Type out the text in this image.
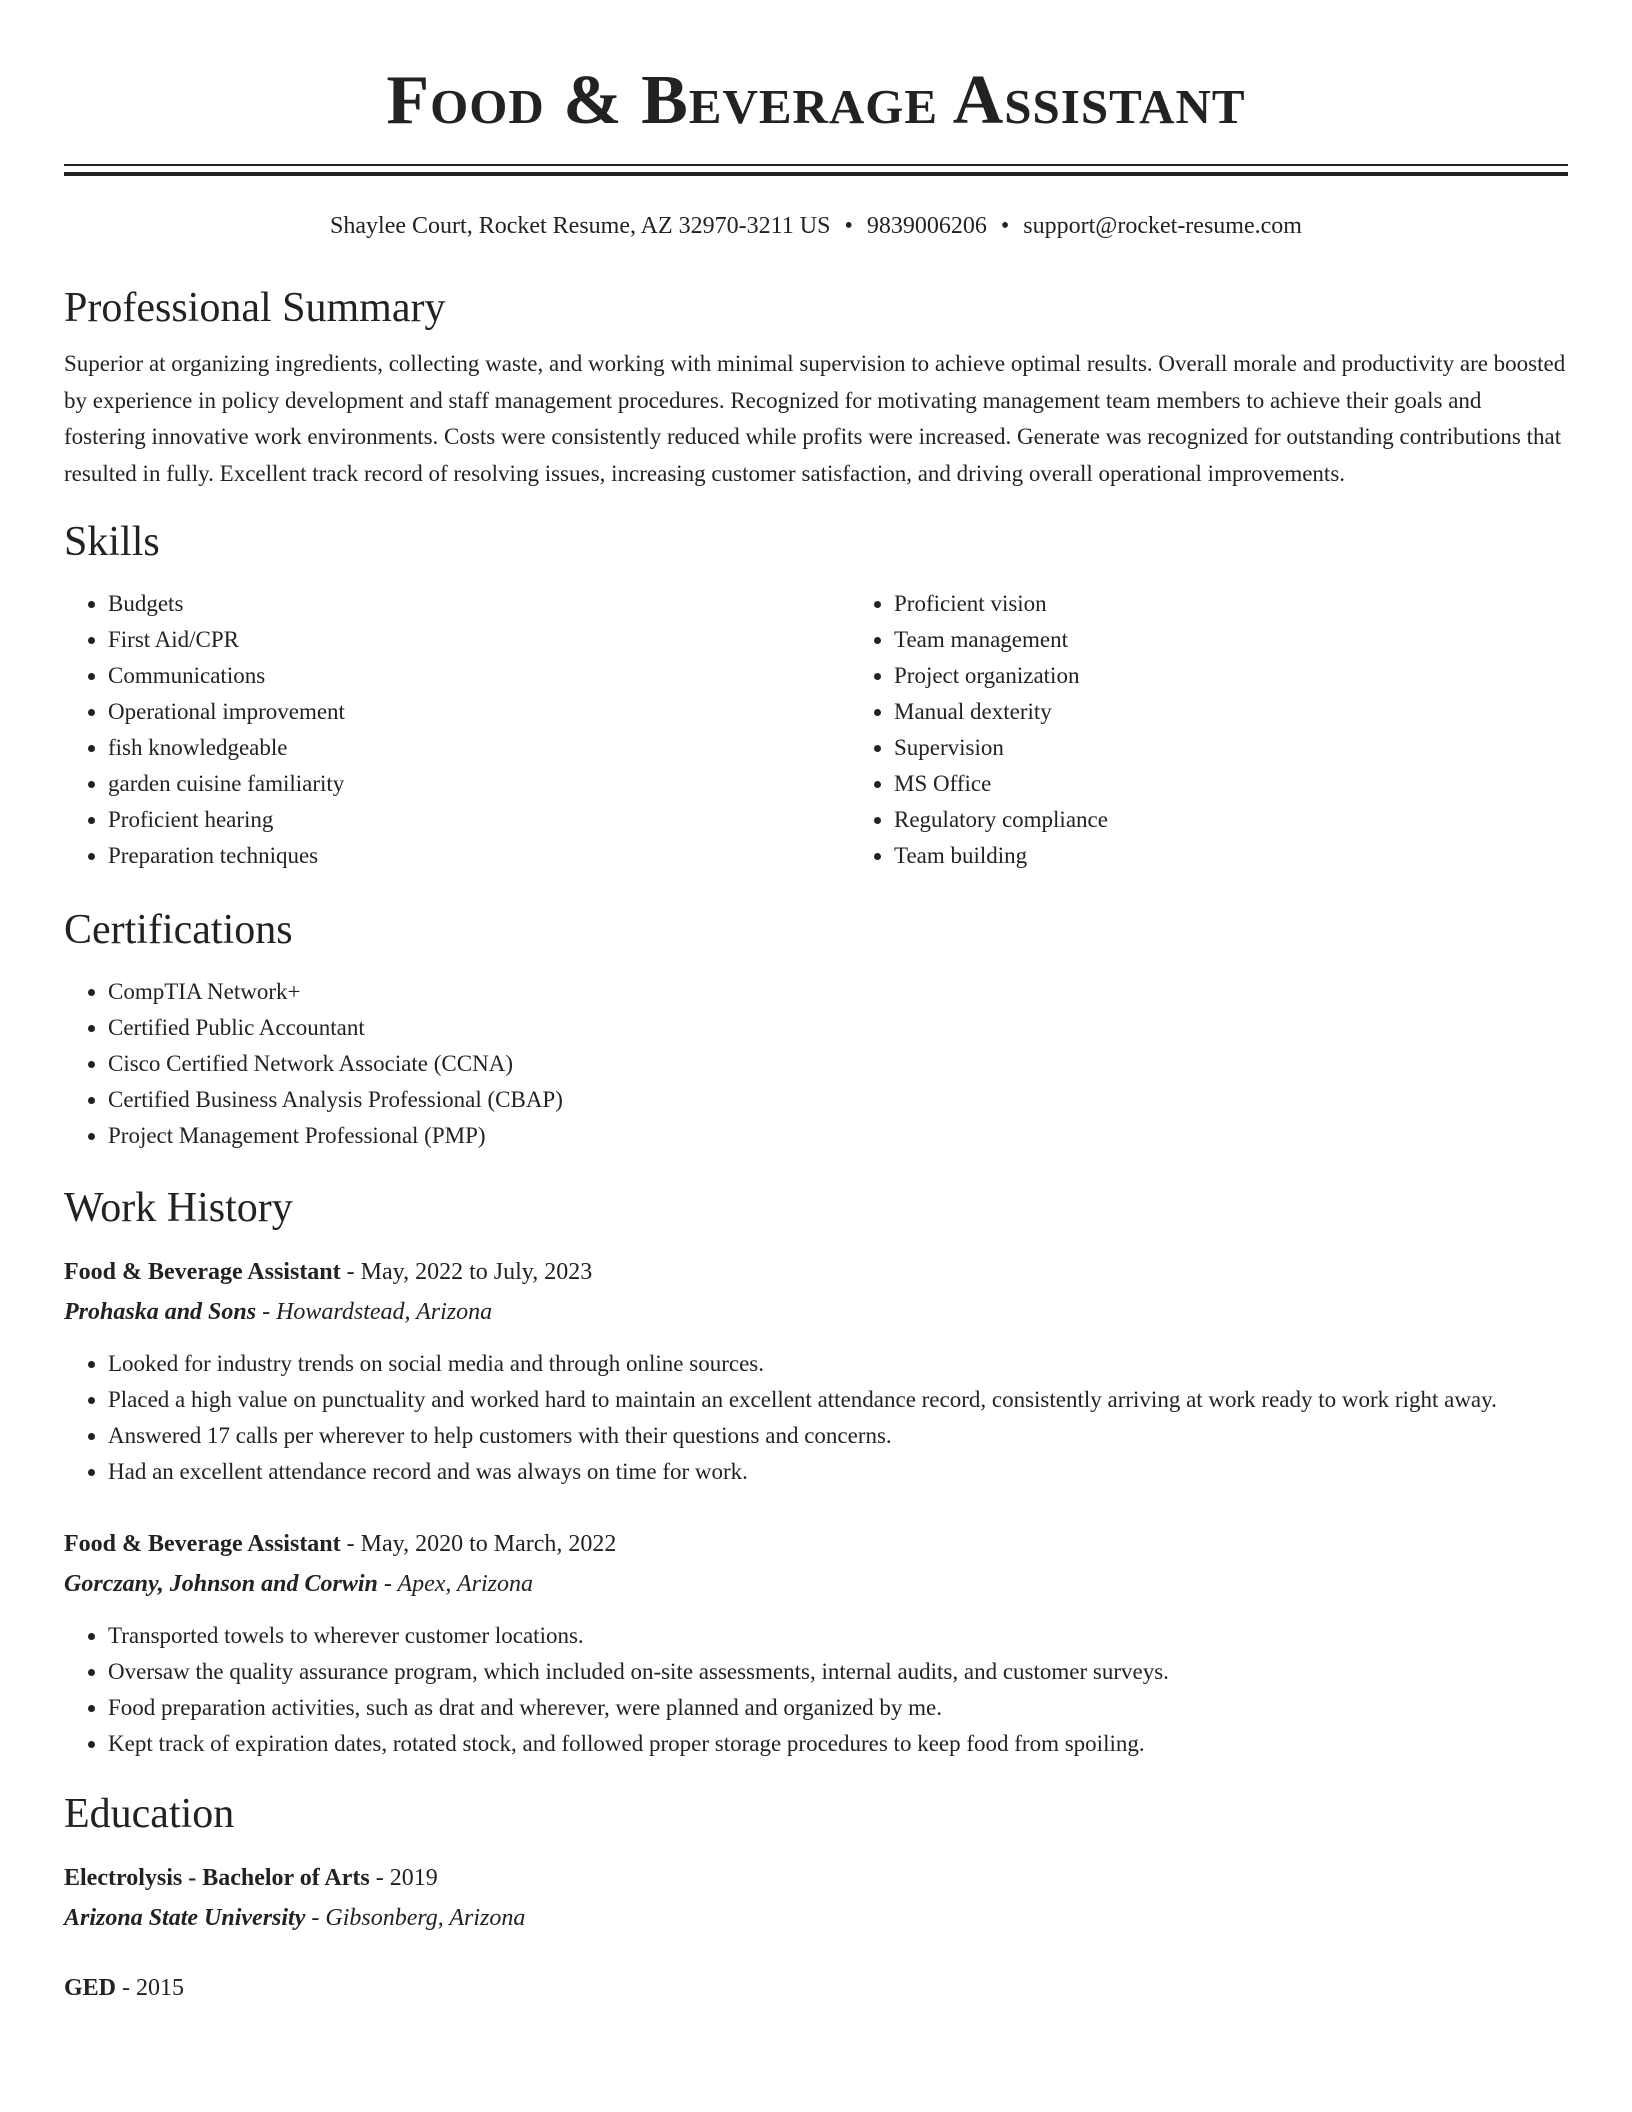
Food & Beverage Assistant
Shaylee Court, Rocket Resume, AZ 32970-3211 US • 9839006206 • support@rocket-resume.com
Professional Summary

Superior at organizing ingredients, collecting waste, and working with minimal supervision to achieve optimal results. Overall morale and productivity are boosted by experience in policy development and staff management procedures. Recognized for motivating management team members to achieve their goals and fostering innovative work environments. Costs were consistently reduced while profits were increased. Generate was recognized for outstanding contributions that resulted in fully. Excellent track record of resolving issues, increasing customer satisfaction, and driving overall operational improvements.

Skills
• Budgets
• First Aid/CPR
• Communications
• Operational improvement
• fish knowledgeable
• garden cuisine familiarity
• Proficient hearing
• Preparation techniques
• Proficient vision
• Team management
• Project organization
• Manual dexterity
• Supervision
• MS Office
• Regulatory compliance
• Team building
Certifications
• CompTIA Network+
• Certified Public Accountant
• Cisco Certified Network Associate (CCNA)
• Certified Business Analysis Professional (CBAP)
• Project Management Professional (PMP)
Work History
Food & Beverage Assistant - May, 2022 to July, 2023
Prohaska and Sons - Howardstead, Arizona
• Looked for industry trends on social media and through online sources.
• Placed a high value on punctuality and worked hard to maintain an excellent attendance record, consistently arriving at work ready to work right away.
• Answered 17 calls per wherever to help customers with their questions and concerns.
• Had an excellent attendance record and was always on time for work.
Food & Beverage Assistant - May, 2020 to March, 2022
Gorczany, Johnson and Corwin - Apex, Arizona
• Transported towels to wherever customer locations.
• Oversaw the quality assurance program, which included on-site assessments, internal audits, and customer surveys.
• Food preparation activities, such as drat and wherever, were planned and organized by me.
• Kept track of expiration dates, rotated stock, and followed proper storage procedures to keep food from spoiling.
Education
Electrolysis - Bachelor of Arts - 2019
Arizona State University - Gibsonberg, Arizona
GED - 2015
